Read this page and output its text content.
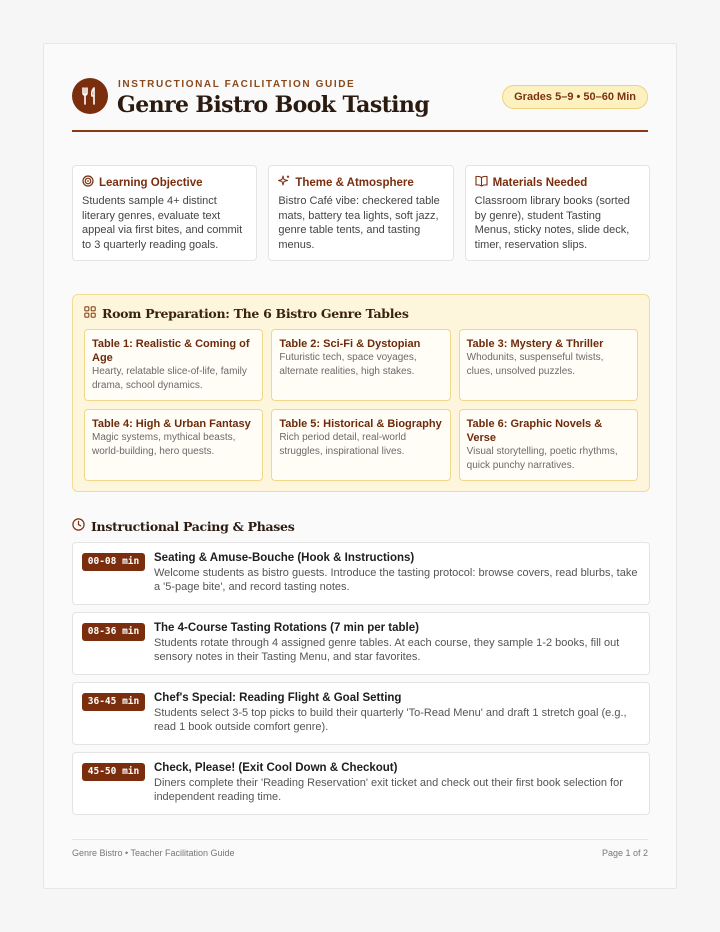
INSTRUCTIONAL FACILITATION GUIDE
Genre Bistro Book Tasting	Grades 5–9 • 50–60 Min
Learning Objective
Students sample 4+ distinct literary genres, evaluate text appeal via first bites, and commit to 3 quarterly reading goals.
Theme & Atmosphere
Bistro Café vibe: checkered table mats, battery tea lights, soft jazz, genre table tents, and tasting menus.
Materials Needed
Classroom library books (sorted by genre), student Tasting Menus, sticky notes, slide deck, timer, reservation slips.
Room Preparation: The 6 Bistro Genre Tables
Table 1: Realistic & Coming of Age
Hearty, relatable slice-of-life, family drama, school dynamics.
Table 2: Sci-Fi & Dystopian
Futuristic tech, space voyages, alternate realities, high stakes.
Table 3: Mystery & Thriller
Whodunits, suspenseful twists, clues, unsolved puzzles.
Table 4: High & Urban Fantasy
Magic systems, mythical beasts, world-building, hero quests.
Table 5: Historical & Biography
Rich period detail, real-world struggles, inspirational lives.
Table 6: Graphic Novels & Verse
Visual storytelling, poetic rhythms, quick punchy narratives.
Instructional Pacing & Phases
00-08 min	Seating & Amuse-Bouche (Hook & Instructions)
Welcome students as bistro guests. Introduce the tasting protocol: browse covers, read blurbs, take a '5-page bite', and record tasting notes.
08-36 min	The 4-Course Tasting Rotations (7 min per table)
Students rotate through 4 assigned genre tables. At each course, they sample 1-2 books, fill out sensory notes in their Tasting Menu, and star favorites.
36-45 min	Chef's Special: Reading Flight & Goal Setting
Students select 3-5 top picks to build their quarterly 'To-Read Menu' and draft 1 stretch goal (e.g., read 1 book outside comfort genre).
45-50 min	Check, Please! (Exit Cool Down & Checkout)
Diners complete their 'Reading Reservation' exit ticket and check out their first book selection for independent reading time.
Genre Bistro • Teacher Facilitation Guide	Page 1 of 2
